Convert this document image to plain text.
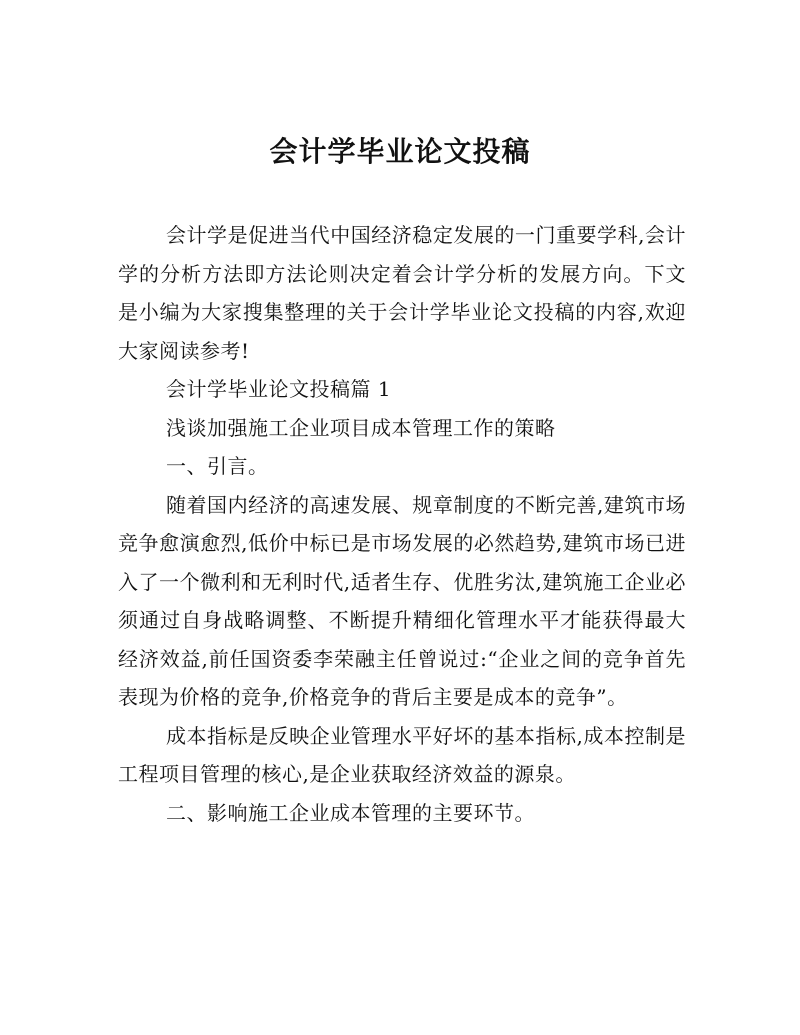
会计学毕业论文投稿

会计学是促进当代中国经济稳定发展的一门重要学科,会计学的分析方法即方法论则决定着会计学分析的发展方向。下文是小编为大家搜集整理的关于会计学毕业论文投稿的内容,欢迎大家阅读参考!

会计学毕业论文投稿篇 1

浅谈加强施工企业项目成本管理工作的策略

一、引言。

随着国内经济的高速发展、规章制度的不断完善,建筑市场竞争愈演愈烈,低价中标已是市场发展的必然趋势,建筑市场已进入了一个微利和无利时代,适者生存、优胜劣汰,建筑施工企业必须通过自身战略调整、不断提升精细化管理水平才能获得最大经济效益,前任国资委李荣融主任曾说过:“企业之间的竞争首先表现为价格的竞争,价格竞争的背后主要是成本的竞争”。

成本指标是反映企业管理水平好坏的基本指标,成本控制是工程项目管理的核心,是企业获取经济效益的源泉。

二、影响施工企业成本管理的主要环节。
